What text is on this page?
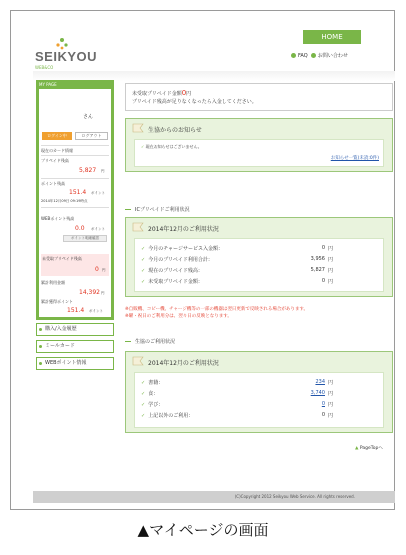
SEIKYOU
WEB&CO
HOME
FAQ お問い合わせ
MY PAGE
さん
ログイン中	ログアウト
現在のカード情報
プリペイド残高
5,827 円
ポイント残高
151.4 ポイント
2014年12月09日 09:19時点
WEBポイント残高
0.0 ポイント
ポイント明細確認
未受取プリペイド残高
0 円
累計利用金額
14,392 円
累計獲得ポイント
151.4 ポイント
購入/入金履歴
ミールカード
WEBポイント情報
未受取プリペイド金額0円
プリペイド残高が足りなくなったら入金してください。
生協からのお知らせ
✓ 現在お知らせはございません。
お知らせ一覧(未読:0件)
ICプリペイドご利用状況
2014年12月のご利用状況
✓ 今月のチャージサービス入金額：	0 円
✓ 今月のプリペイド利用合計：	3,956 円
✓ 現在のプリペイド残高：	5,827 円
✓ 未受取プリペイド金額：	0 円
※自販機、コピー機、チャージ機等の一部の機器は翌日更新で反映される場合があります。
※曜・祝日のご利用分は、翌々日の反映となります。
生協のご利用状況
2014年12月のご利用状況
✓ 書籍：	234 円
✓ 食：	3,740 円
✓ 学び：	0 円
✓ 上記以外のご利用：	0 円
▲ PageTopへ
(C)Copyright 2012 Seikyou Web Service. All rights reserved.
▲マイページの画面
